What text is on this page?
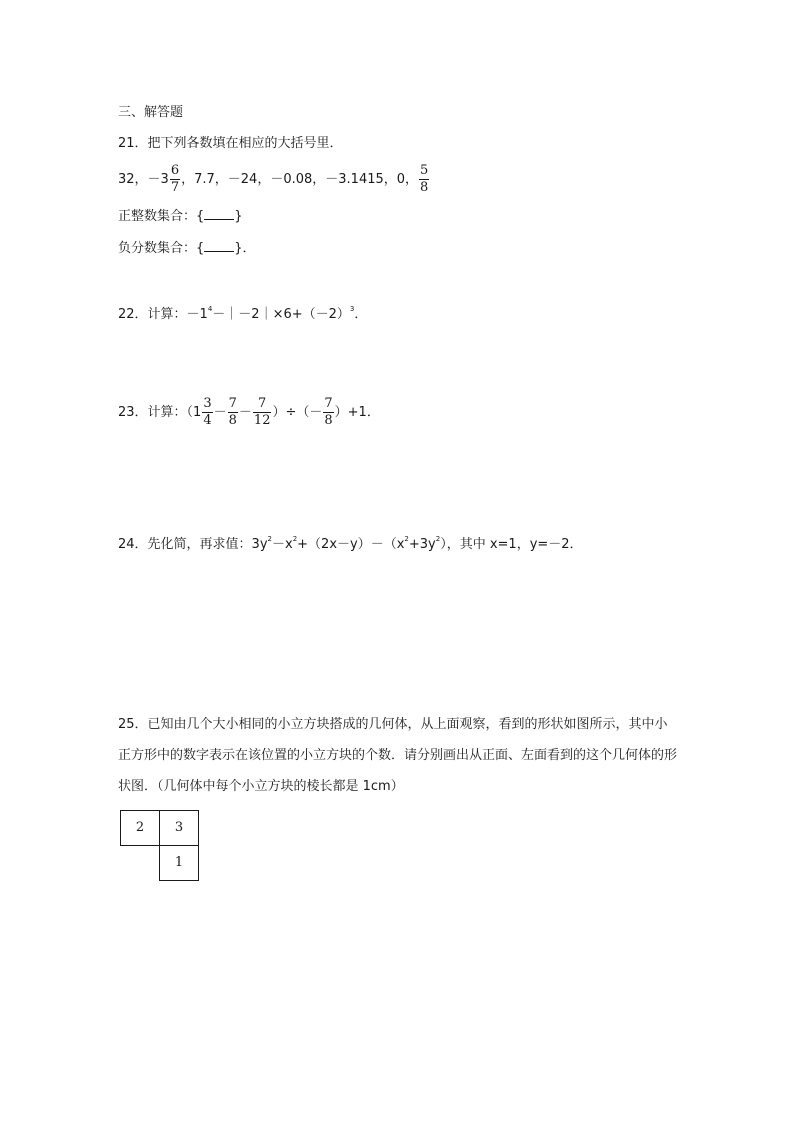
三、解答题
21．把下列各数填在相应的大括号里．
32，$-3 \frac{6}{7}$ ，7.7，－24，－0.08，－3.1415，0， $\frac{5}{8}$
正整数集合：{ }
负分数集合：{ }．
22．计算：$-1^4-|-2|\times 6+(-2)^3$．
23．计算：（$1 \frac{3}{4} - \frac{7}{8} - \frac{7}{12}$ ）÷（－ $\frac{7}{8} )+1$．
24．先化简，再求值：$3y^2-x^2+(2x-y)-(x^2+3y^2)$，其中 x=1，y=－2．
25．已知由几个大小相同的小立方块搭成的几何体，从上面观察，看到的形状如图所示，其中小正方形中的数字表示在该位置的小立方块的个数．请分别画出从正面、左面看到的这个几何体的形状图．（几何体中每个小立方块的棱长都是 1cm）
2	3
1
